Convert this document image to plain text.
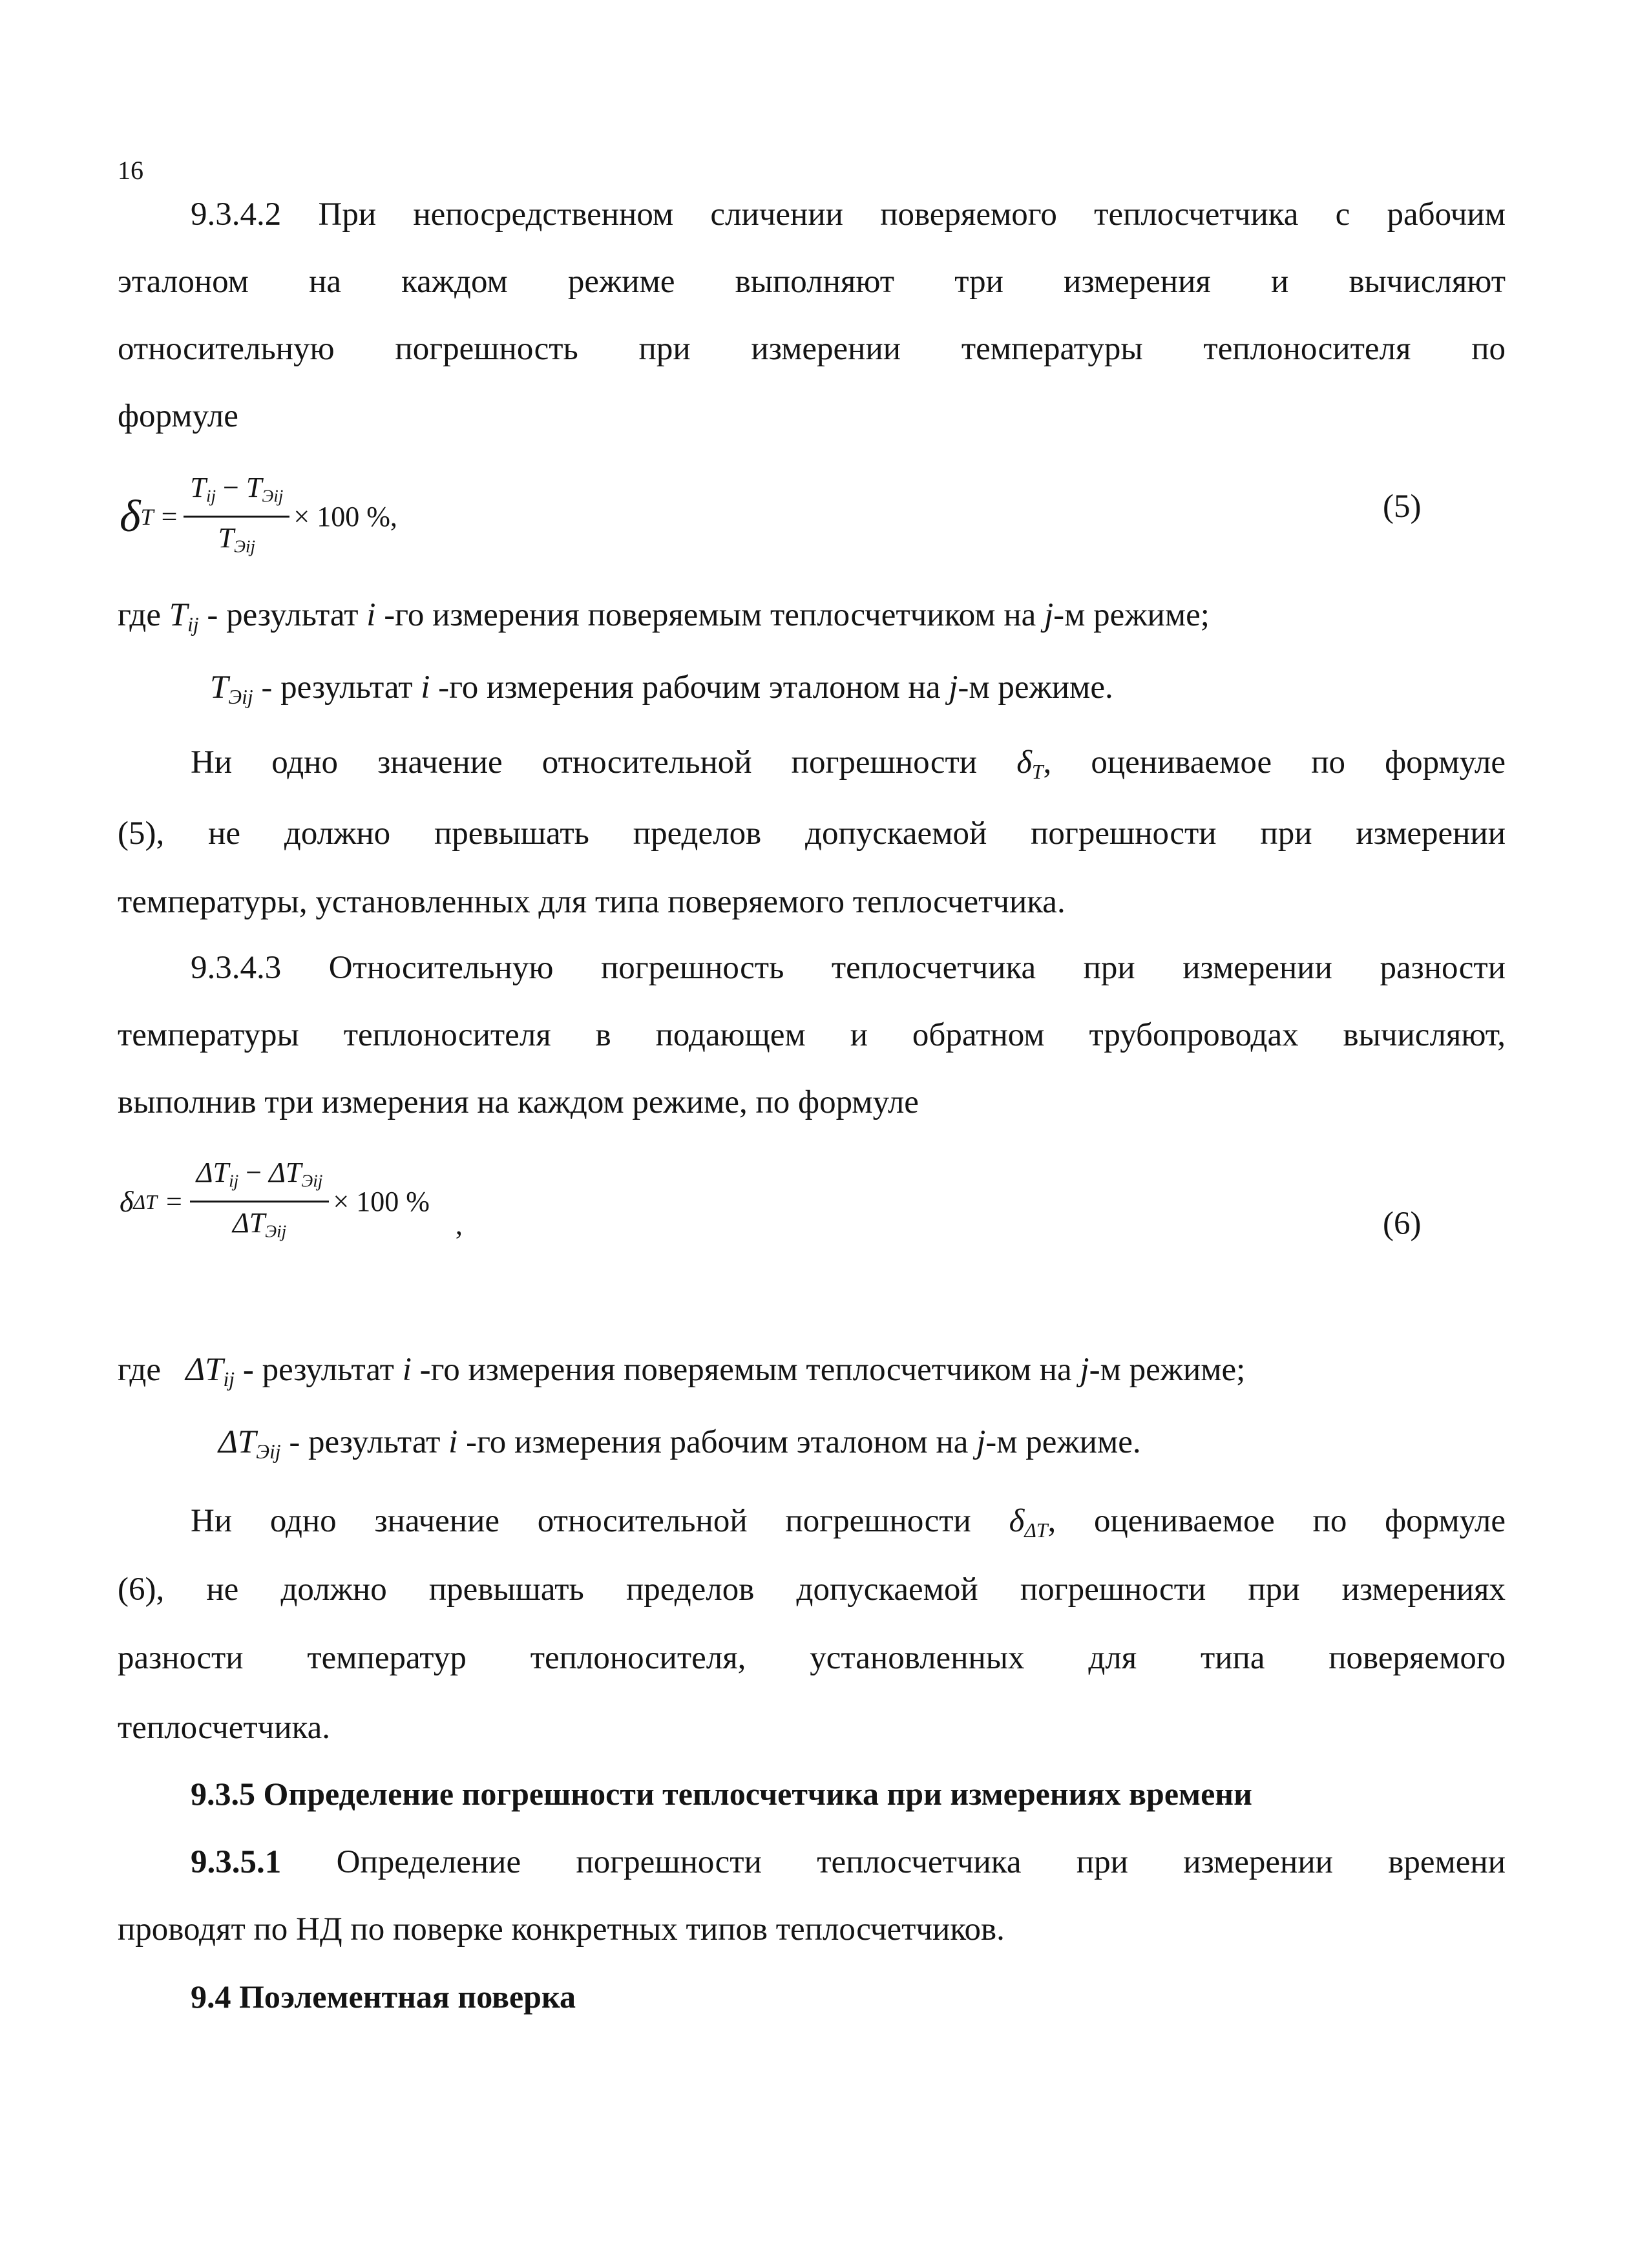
16
9.3.4.2 При непосредственном сличении поверяемого теплосчетчика с рабочим
эталоном на каждом режиме выполняют три измерения и вычисляют
относительную погрешность при измерении температуры теплоносителя по
формуле
δ $T = \frac{T_{ij} - T_{Эij}}{T_{Эij}} \times 100$ %,	(5)
где $T_{ij}$ - результат i -го измерения поверяемым теплосчетчиком на j-м режиме;
$T_{Эij}$ - результат i -го измерения рабочим эталоном на j-м режиме.
Ни одно значение относительной погрешности $\delta_T$, оцениваемое по формуле
(5), не должно превышать пределов допускаемой погрешности при измерении
температуры, установленных для типа поверяемого теплосчетчика.
9.3.4.3 Относительную погрешность теплосчетчика при измерении разности
температуры теплоносителя в подающем и обратном трубопроводах вычисляют,
выполнив три измерения на каждом режиме, по формуле
δ $\Delta T = \frac{\Delta T_{ij} - \Delta T_{Эij}}{\Delta T_{Эij}} \times 100$ %
,	(6)
где $\Delta T_{ij}$ - результат i -го измерения поверяемым теплосчетчиком на j-м режиме;
$\Delta T_{Эij}$ - результат i -го измерения рабочим эталоном на j-м режиме.
Ни одно значение относительной погрешности $\delta_{\Delta T}$, оцениваемое по формуле
(6), не должно превышать пределов допускаемой погрешности при измерениях
разности температур теплоносителя, установленных для типа поверяемого
теплосчетчика.
9.3.5 Определение погрешности теплосчетчика при измерениях времени
9.3.5.1 Определение погрешности теплосчетчика при измерении времени
проводят по НД по поверке конкретных типов теплосчетчиков.
9.4 Поэлементная поверка
